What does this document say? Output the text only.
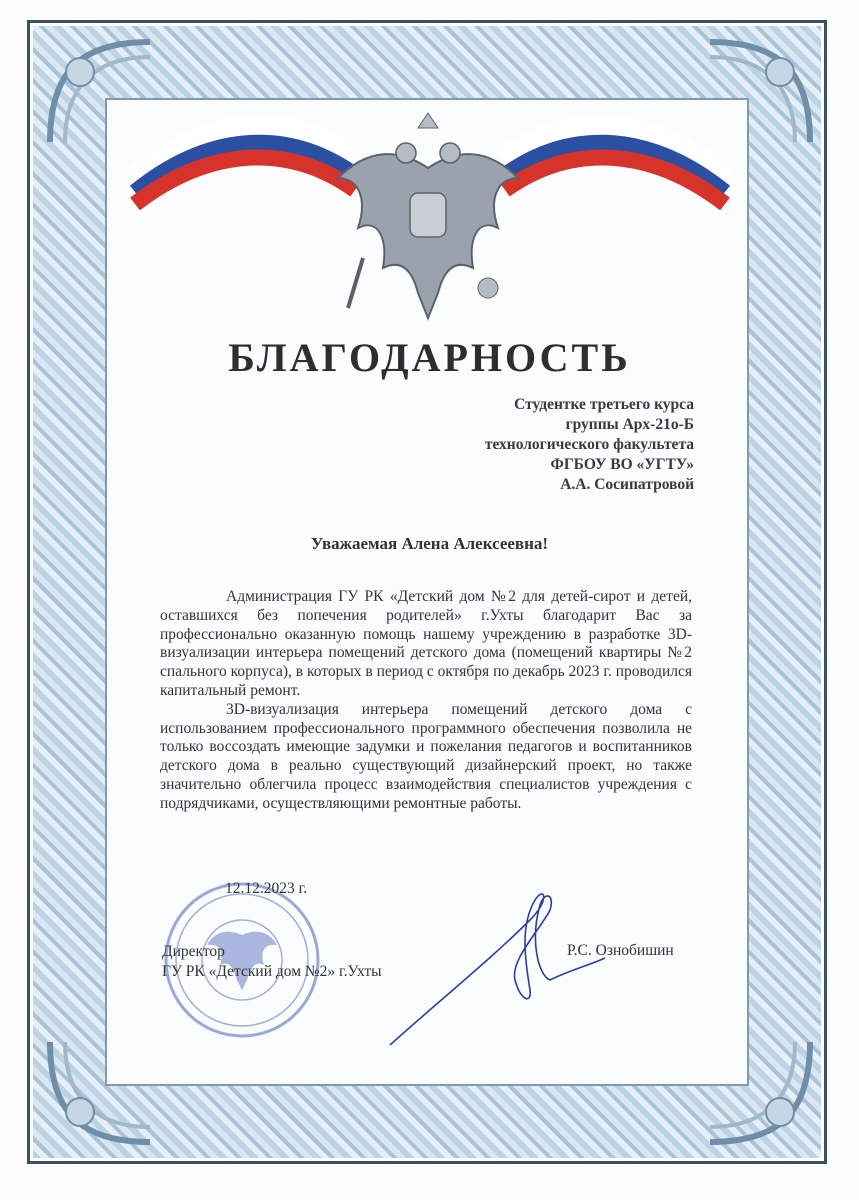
БЛАГОДАРНОСТЬ
Студентке третьего курса
группы Арх-21о-Б
технологического факультета
ФГБОУ ВО «УГТУ»
А.А. Сосипатровой
Уважаемая Алена Алексеевна!

Администрация ГУ РК «Детский дом №2 для детей-сирот и детей, оставшихся без попечения родителей» г.Ухты благодарит Вас за профессионально оказанную помощь нашему учреждению в разработке 3D-визуализации интерьера помещений детского дома (помещений квартиры №2 спального корпуса), в которых в период с октября по декабрь 2023 г. проводился капитальный ремонт.

3D-визуализация интерьера помещений детского дома с использованием профессионального программного обеспечения позволила не только воссоздать имеющие задумки и пожелания педагогов и воспитанников детского дома в реально существующий дизайнерский проект, но также значительно облегчила процесс взаимодействия специалистов учреждения с подрядчиками, осуществляющими ремонтные работы.

12.12.2023 г.
Директор
ГУ РК «Детский дом №2» г.Ухты
Р.С. Ознобишин
